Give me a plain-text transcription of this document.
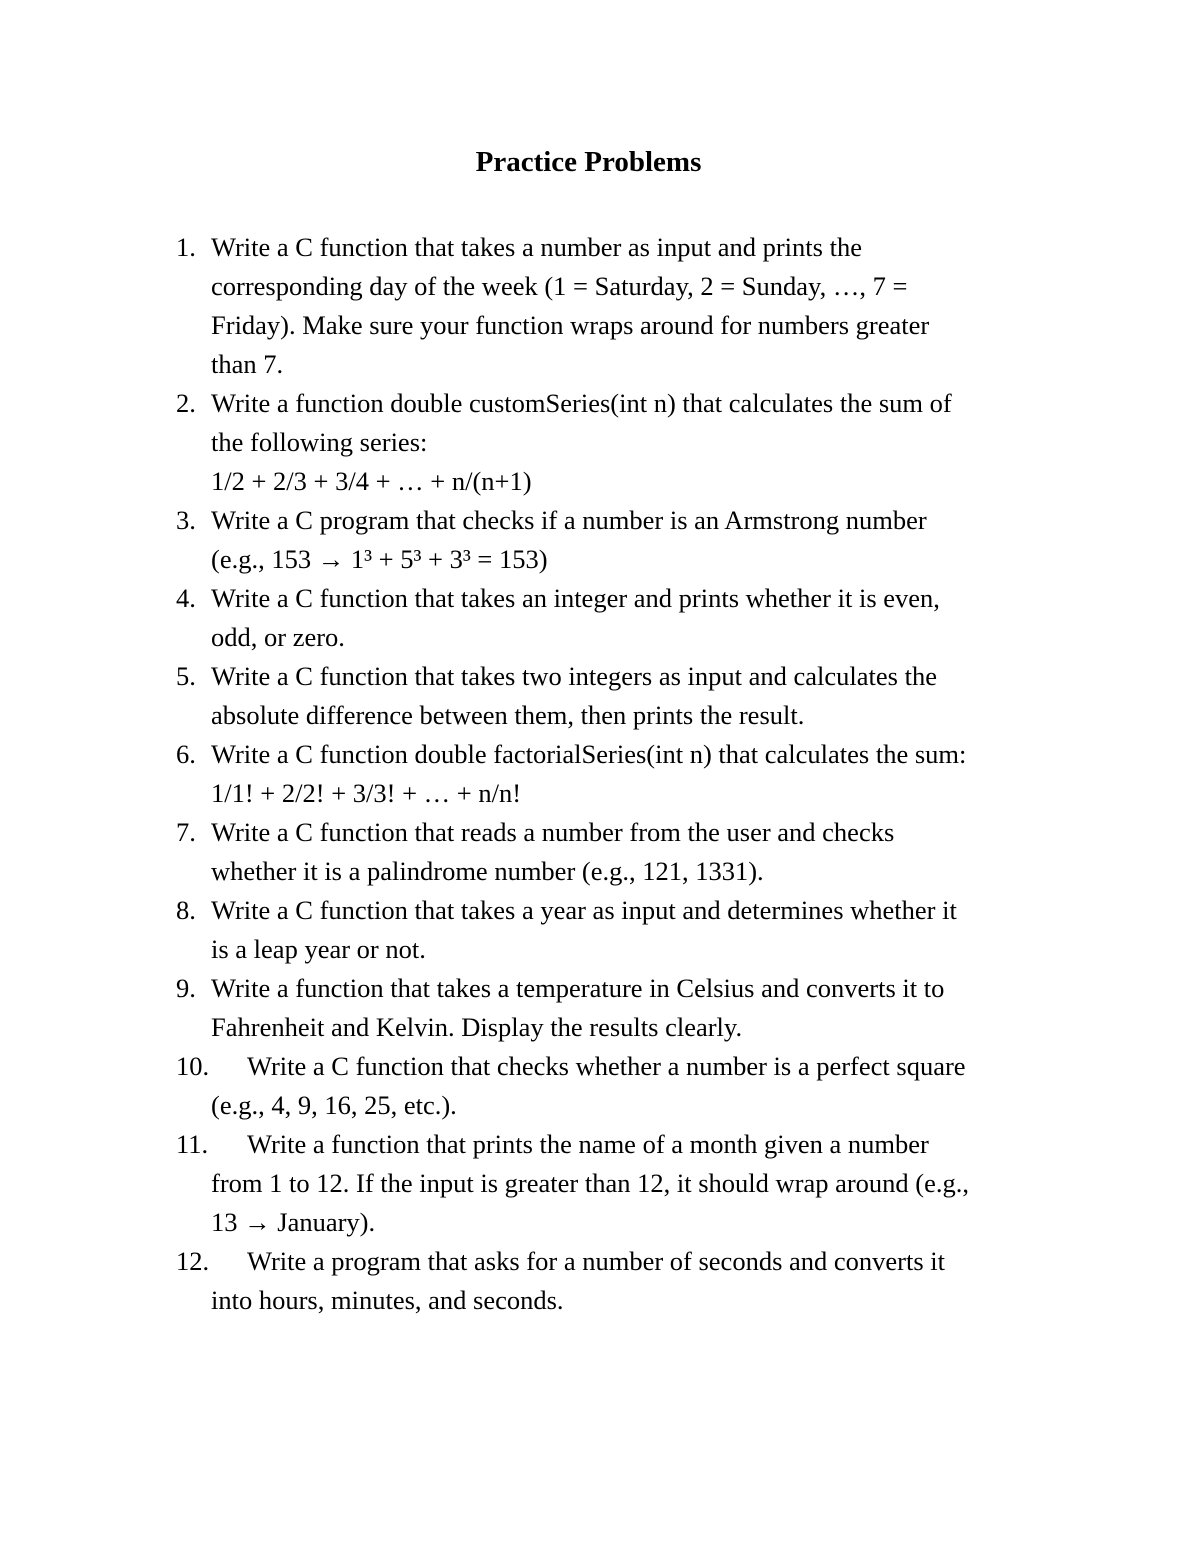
Practice Problems
1. Write a C function that takes a number as input and prints the
corresponding day of the week (1 = Saturday, 2 = Sunday, …, 7 =
Friday). Make sure your function wraps around for numbers greater
than 7.
2. Write a function double customSeries(int n) that calculates the sum of
the following series:
1/2 + 2/3 + 3/4 + … + n/(n+1)
3. Write a C program that checks if a number is an Armstrong number
(e.g., 153 → 1³ + 5³ + 3³ = 153)
4. Write a C function that takes an integer and prints whether it is even,
odd, or zero.
5. Write a C function that takes two integers as input and calculates the
absolute difference between them, then prints the result.
6. Write a C function double factorialSeries(int n) that calculates the sum:
1/1! + 2/2! + 3/3! + … + n/n!
7. Write a C function that reads a number from the user and checks
whether it is a palindrome number (e.g., 121, 1331).
8. Write a C function that takes a year as input and determines whether it
is a leap year or not.
9. Write a function that takes a temperature in Celsius and converts it to
Fahrenheit and Kelvin. Display the results clearly.
10.	Write a C function that checks whether a number is a perfect square
(e.g., 4, 9, 16, 25, etc.).
11.	Write a function that prints the name of a month given a number
from 1 to 12. If the input is greater than 12, it should wrap around (e.g.,
13 → January).
12.	Write a program that asks for a number of seconds and converts it
into hours, minutes, and seconds.
